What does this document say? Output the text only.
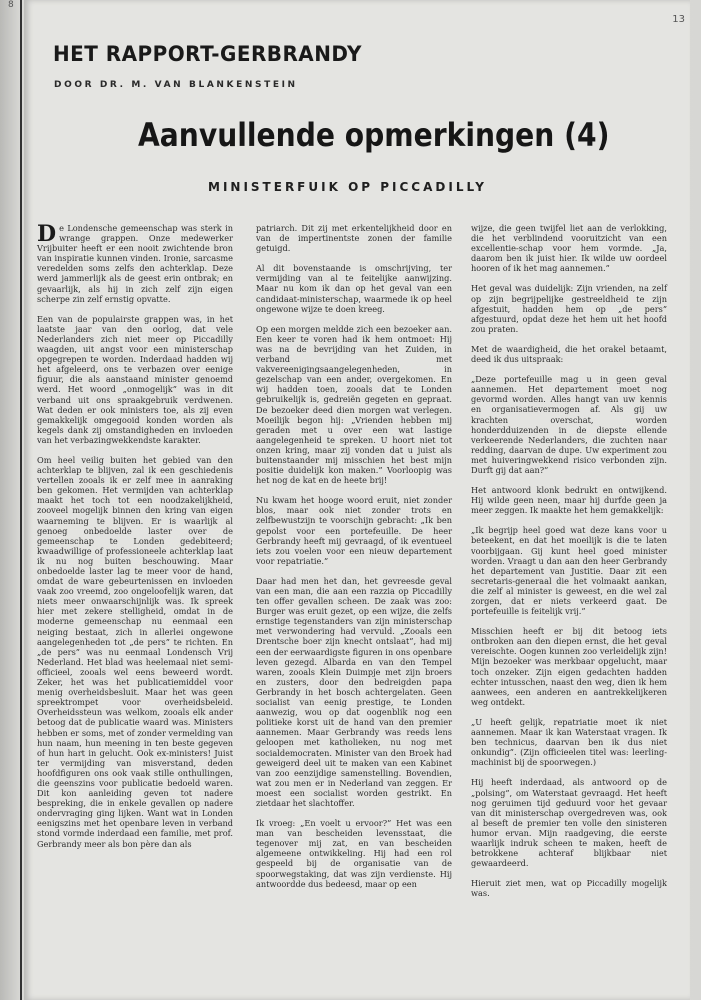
8
13
HET RAPPORT-GERBRANDY
DOOR DR. M. VAN BLANKENSTEIN
Aanvullende opmerkingen (4)
MINISTERFUIK OP PICCADILLY

De Londensche gemeenschap was sterk in wrange grappen. Onze medewerker Vrijbuiter heeft er een nooit zwichtende bron van inspiratie kunnen vinden. Ironie, sarcasme veredelden soms zelfs den achterklap. Deze werd jammerlijk als de geest erin ontbrak; en gevaarlijk, als hij in zich zelf zijn eigen scherpe zin zelf ernstig opvatte.

Een van de populairste grappen was, in het laatste jaar van den oorlog, dat vele Nederlanders zich niet meer op Piccadilly waagden, uit angst voor een ministerschap opgegrepen te worden. Inderdaad hadden wij het afgeleerd, ons te verbazen over eenige figuur, die als aanstaand minister genoemd werd. Het woord „onmogelijk” was in dit verband uit ons spraakgebruik verdwenen. Wat deden er ook ministers toe, als zij even gemakkelijk omgegooid konden worden als kegels dank zij omstandigheden en invloeden van het verbazingwekkendste karakter.

Om heel veilig buiten het gebied van den achterklap te blijven, zal ik een geschiedenis vertellen zooals ik er zelf mee in aanraking ben gekomen. Het vermijden van achterklap maakt het toch tot een noodzakelijkheid, zooveel mogelijk binnen den kring van eigen waarneming te blijven. Er is waarlijk al genoeg onbedoelde laster over de gemeenschap te Londen gedebiteerd; kwaadwillige of professioneele achterklap laat ik nu nog buiten beschouwing. Maar onbedoelde laster lag te meer voor de hand, omdat de ware gebeurtenissen en invloeden vaak zoo vreemd, zoo ongeloofelijk waren, dat niets meer onwaarschijnlijk was. Ik spreek hier met zekere stelligheid, omdat in de moderne gemeenschap nu eenmaal een neiging bestaat, zich in allerlei ongewone aangelegenheden tot „de pers” te richten. En „de pers” was nu eenmaal Londensch Vrij Nederland. Het blad was heelemaal niet semi-officieel, zooals wel eens beweerd wordt. Zeker, het was het publicatiemiddel voor menig overheidsbesluit. Maar het was geen spreektrompet voor overheidsbeleid. Overheidssteun was welkom, zooals elk ander betoog dat de publicatie waard was. Ministers hebben er soms, met of zonder vermelding van hun naam, hun meening in ten beste gegeven of hun hart in gelucht. Ook ex-ministers! Juist ter vermijding van misverstand, deden hoofdfiguren ons ook vaak stille onthullingen, die geenszins voor publicatie bedoeld waren. Dit kon aanleiding geven tot nadere bespreking, die in enkele gevallen op nadere ondervraging ging lijken. Want wat in Londen eenigszins met het openbare leven in verband stond vormde inderdaad een familie, met prof. Gerbrandy meer als bon père dan als

patriarch. Dit zij met erkentelijkheid door en van de impertinentste zonen der familie getuigd.

Al dit bovenstaande is omschrijving, ter vermijding van al te feitelijke aanwijzing. Maar nu kom ik dan op het geval van een candidaat-ministerschap, waarmede ik op heel ongewone wijze te doen kreeg.

Op een morgen meldde zich een bezoeker aan. Een keer te voren had ik hem ontmoet: Hij was na de bevrijding van het Zuiden, in verband met vakvereenigingsaangelegenheden, in gezelschap van een ander, overgekomen. En wij hadden toen, zooals dat te Londen gebruikelijk is, gedreiën gegeten en gepraat. De bezoeker deed dien morgen wat verlegen. Moeilijk begon hij: „Vrienden hebben mij geraden met u over een wat lastige aangelegenheid te spreken. U hoort niet tot onzen kring, maar zij vonden dat u juist als buitenstaander mij misschien het best mijn positie duidelijk kon maken.” Voorloopig was het nog de kat en de heete brij!

Nu kwam het hooge woord eruit, niet zonder blos, maar ook niet zonder trots en zelfbewustzijn te voorschijn gebracht: „Ik ben gepolst voor een portefeuille. De heer Gerbrandy heeft mij gevraagd, of ik eventueel iets zou voelen voor een nieuw departement voor repatriatie.”

Daar had men het dan, het gevreesde geval van een man, die aan een razzia op Piccadilly ten offer gevallen scheen. De zaak was zoo: Burger was eruit gezet, op een wijze, die zelfs ernstige tegenstanders van zijn ministerschap met verwondering had vervuld. „Zooals een Drentsche boer zijn knecht ontslaat”, had mij een der eerwaardigste figuren in ons openbare leven gezegd. Albarda en van den Tempel waren, zooals Klein Duimpje met zijn broers en zusters, door den bedreigden papa Gerbrandy in het bosch achtergelaten. Geen socialist van eenig prestige, te Londen aanwezig, wou op dat oogenblik nog een politieke korst uit de hand van den premier aannemen. Maar Gerbrandy was reeds lens geloopen met katholieken, nu nog met socialdemocraten. Minister van den Broek had geweigerd deel uit te maken van een Kabinet van zoo eenzijdige samenstelling. Bovendien, wat zou men er in Nederland van zeggen. Er moest een socialist worden gestrikt. En zietdaar het slachtoffer.

Ik vroeg: „En voelt u ervoor?” Het was een man van bescheiden levensstaat, die tegenover mij zat, en van bescheiden algemeene ontwikkeling. Hij had een rol gespeeld bij de organisatie van de spoorwegstaking, dat was zijn verdienste. Hij antwoordde dus bedeesd, maar op een

wijze, die geen twijfel liet aan de verlokking, die het verblindend vooruitzicht van een excellentie-schap voor hem vormde. „Ja, daarom ben ik juist hier. Ik wilde uw oordeel hooren of ik het mag aannemen.”

Het geval was duidelijk: Zijn vrienden, na zelf op zijn begrijpelijke gestreeldheid te zijn afgestuit, hadden hem op „de pers” afgestuurd, opdat deze het hem uit het hoofd zou praten.

Met de waardigheid, die het orakel betaamt, deed ik dus uitspraak:

„Deze portefeuille mag u in geen geval aannemen. Het departement moet nog gevormd worden. Alles hangt van uw kennis en organisatievermogen af. Als gij uw krachten overschat, worden honderdduizenden in de diepste ellende verkeerende Nederlanders, die zuchten naar redding, daarvan de dupe. Uw experiment zou met huiveringwekkend risico verbonden zijn. Durft gij dat aan?”

Het antwoord klonk bedrukt en ontwijkend. Hij wilde geen neen, maar hij durfde geen ja meer zeggen. Ik maakte het hem gemakkelijk:

„Ik begrijp heel goed wat deze kans voor u beteekent, en dat het moeilijk is die te laten voorbijgaan. Gij kunt heel goed minister worden. Vraagt u dan aan den heer Gerbrandy het departement van Justitie. Daar zit een secretaris-generaal die het volmaakt aankan, die zelf al minister is geweest, en die wel zal zorgen, dat er niets verkeerd gaat. De portefeuille is feitelijk vrij.”

Misschien heeft er bij dit betoog iets ontbroken aan den diepen ernst, die het geval vereischte. Oogen kunnen zoo verleidelijk zijn! Mijn bezoeker was merkbaar opgelucht, maar toch onzeker. Zijn eigen gedachten hadden echter intusschen, naast den weg, dien ik hem aanwees, een anderen en aantrekkelijkeren weg ontdekt.

„U heeft gelijk, repatriatie moet ik niet aannemen. Maar ik kan Waterstaat vragen. Ik ben technicus, daarvan ben ik dus niet onkundig”. (Zijn officieelen titel was: leerling-machinist bij de spoorwegen.)

Hij heeft inderdaad, als antwoord op de „polsing”, om Waterstaat gevraagd. Het heeft nog geruimen tijd geduurd voor het gevaar van dit ministerschap overgedreven was, ook al beseft de premier ten volle den sinisteren humor ervan. Mijn raadgeving, die eerste waarlijk indruk scheen te maken, heeft de betrokkene achteraf blijkbaar niet gewaardeerd.

Hieruit ziet men, wat op Piccadilly mogelijk was.
